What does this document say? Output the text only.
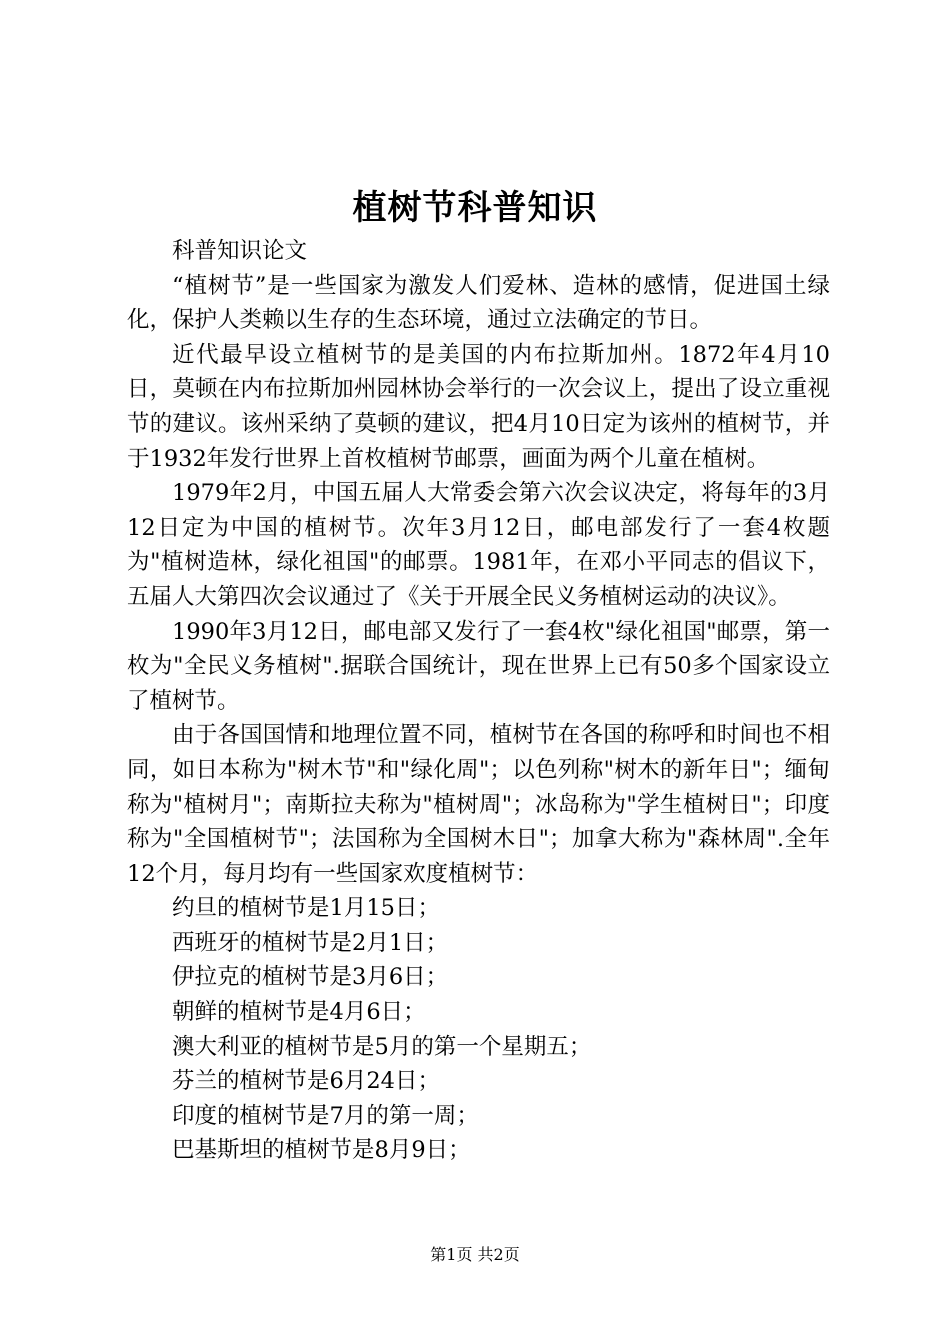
植树节科普知识

科普知识论文

“植树节”是一些国家为激发人们爱林、造林的感情，促进国土绿化，保护人类赖以生存的生态环境，通过立法确定的节日。

近代最早设立植树节的是美国的内布拉斯加州。1872年4月10日，莫顿在内布拉斯加州园林协会举行的一次会议上，提出了设立重视节的建议。该州采纳了莫顿的建议，把4月10日定为该州的植树节，并于1932年发行世界上首枚植树节邮票，画面为两个儿童在植树。

1979年2月，中国五届人大常委会第六次会议决定，将每年的3月12日定为中国的植树节。次年3月12日，邮电部发行了一套4枚题为"植树造林，绿化祖国"的邮票。1981年，在邓小平同志的倡议下，五届人大第四次会议通过了《关于开展全民义务植树运动的决议》。

1990年3月12日，邮电部又发行了一套4枚"绿化祖国"邮票，第一枚为"全民义务植树".据联合国统计，现在世界上已有50多个国家设立了植树节。

由于各国国情和地理位置不同，植树节在各国的称呼和时间也不相同，如日本称为"树木节"和"绿化周"；以色列称"树木的新年日"；缅甸称为"植树月"；南斯拉夫称为"植树周"；冰岛称为"学生植树日"；印度称为"全国植树节"；法国称为全国树木日"；加拿大称为"森林周".全年12个月，每月均有一些国家欢度植树节：

约旦的植树节是1月15日；

西班牙的植树节是2月1日；

伊拉克的植树节是3月6日；

朝鲜的植树节是4月6日；

澳大利亚的植树节是5月的第一个星期五；

芬兰的植树节是6月24日；

印度的植树节是7月的第一周；

巴基斯坦的植树节是8月9日；

第1页 共2页
